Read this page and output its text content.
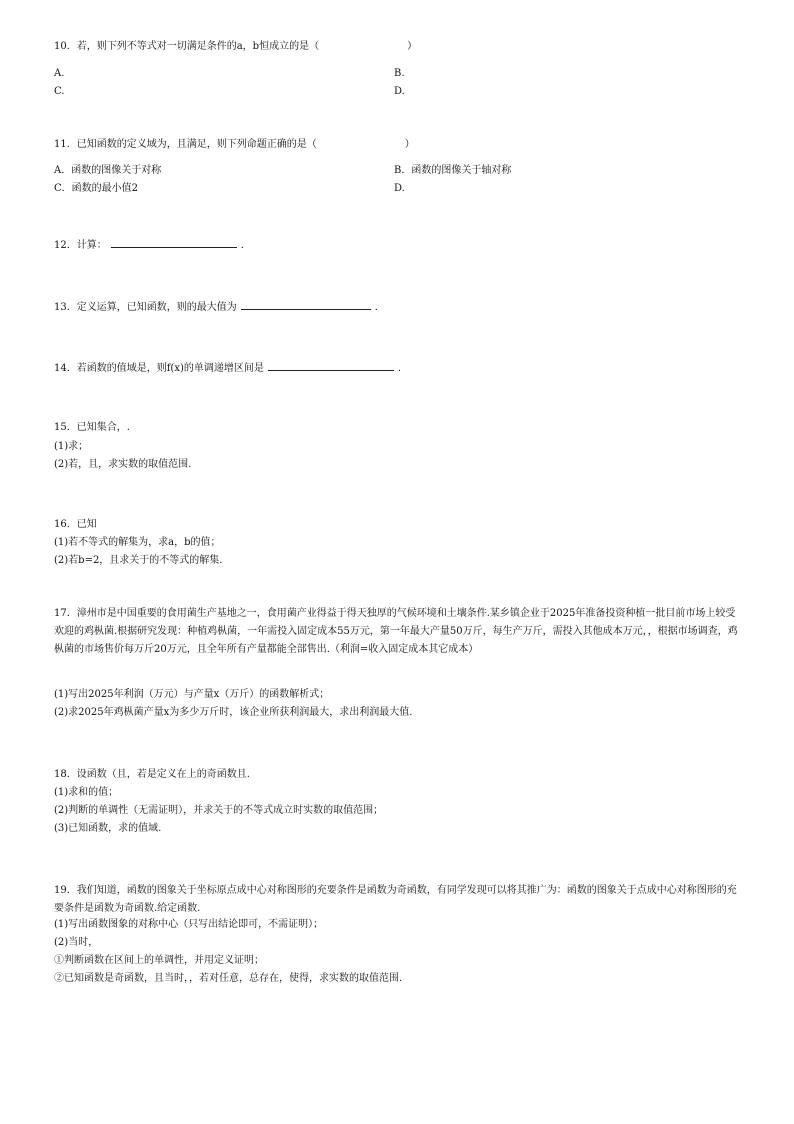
10．若，则下列不等式对一切满足条件的a，b恒成立的是（	）
A.	B.
C.	D.
11．已知函数的定义域为，且满足，则下列命题正确的是（	）
A．函数的图像关于对称	B．函数的图像关于轴对称
C．函数的最小值2	D.
12．计算：	．
13．定义运算，已知函数，则的最大值为	．
14．若函数的值域是，则f(x)的单调递增区间是	．
15．已知集合，.
(1)求；
(2)若，且，求实数的取值范围.
16．已知
(1)若不等式的解集为，求a，b的值；
(2)若b=2，且求关于的不等式的解集.
17．漳州市是中国重要的食用菌生产基地之一，食用菌产业得益于得天独厚的气候环境和土壤条件.某乡镇企业于2025年准备投资种植一批目前市场上较受欢迎的鸡枞菌.根据研究发现：种植鸡枞菌，一年需投入固定成本55万元，第一年最大产量50万斤，每生产万斤，需投入其他成本万元，，根据市场调查，鸡枞菌的市场售价每万斤20万元，且全年所有产量都能全部售出.（利润=收入固定成本其它成本）
(1)写出2025年利润（万元）与产量x（万斤）的函数解析式；
(2)求2025年鸡枞菌产量x为多少万斤时，该企业所获利润最大，求出利润最大值.
18．设函数（且，若是定义在上的奇函数且.
(1)求和的值；
(2)判断的单调性（无需证明），并求关于的不等式成立时实数的取值范围；
(3)已知函数，求的值域.
19．我们知道，函数的图象关于坐标原点成中心对称图形的充要条件是函数为奇函数，有同学发现可以将其推广为：函数的图象关于点成中心对称图形的充要条件是函数为奇函数.给定函数.
(1)写出函数图象的对称中心（只写出结论即可，不需证明）；
(2)当时，
①判断函数在区间上的单调性，并用定义证明；
②已知函数是奇函数，且当时，，若对任意，总存在，使得，求实数的取值范围.
